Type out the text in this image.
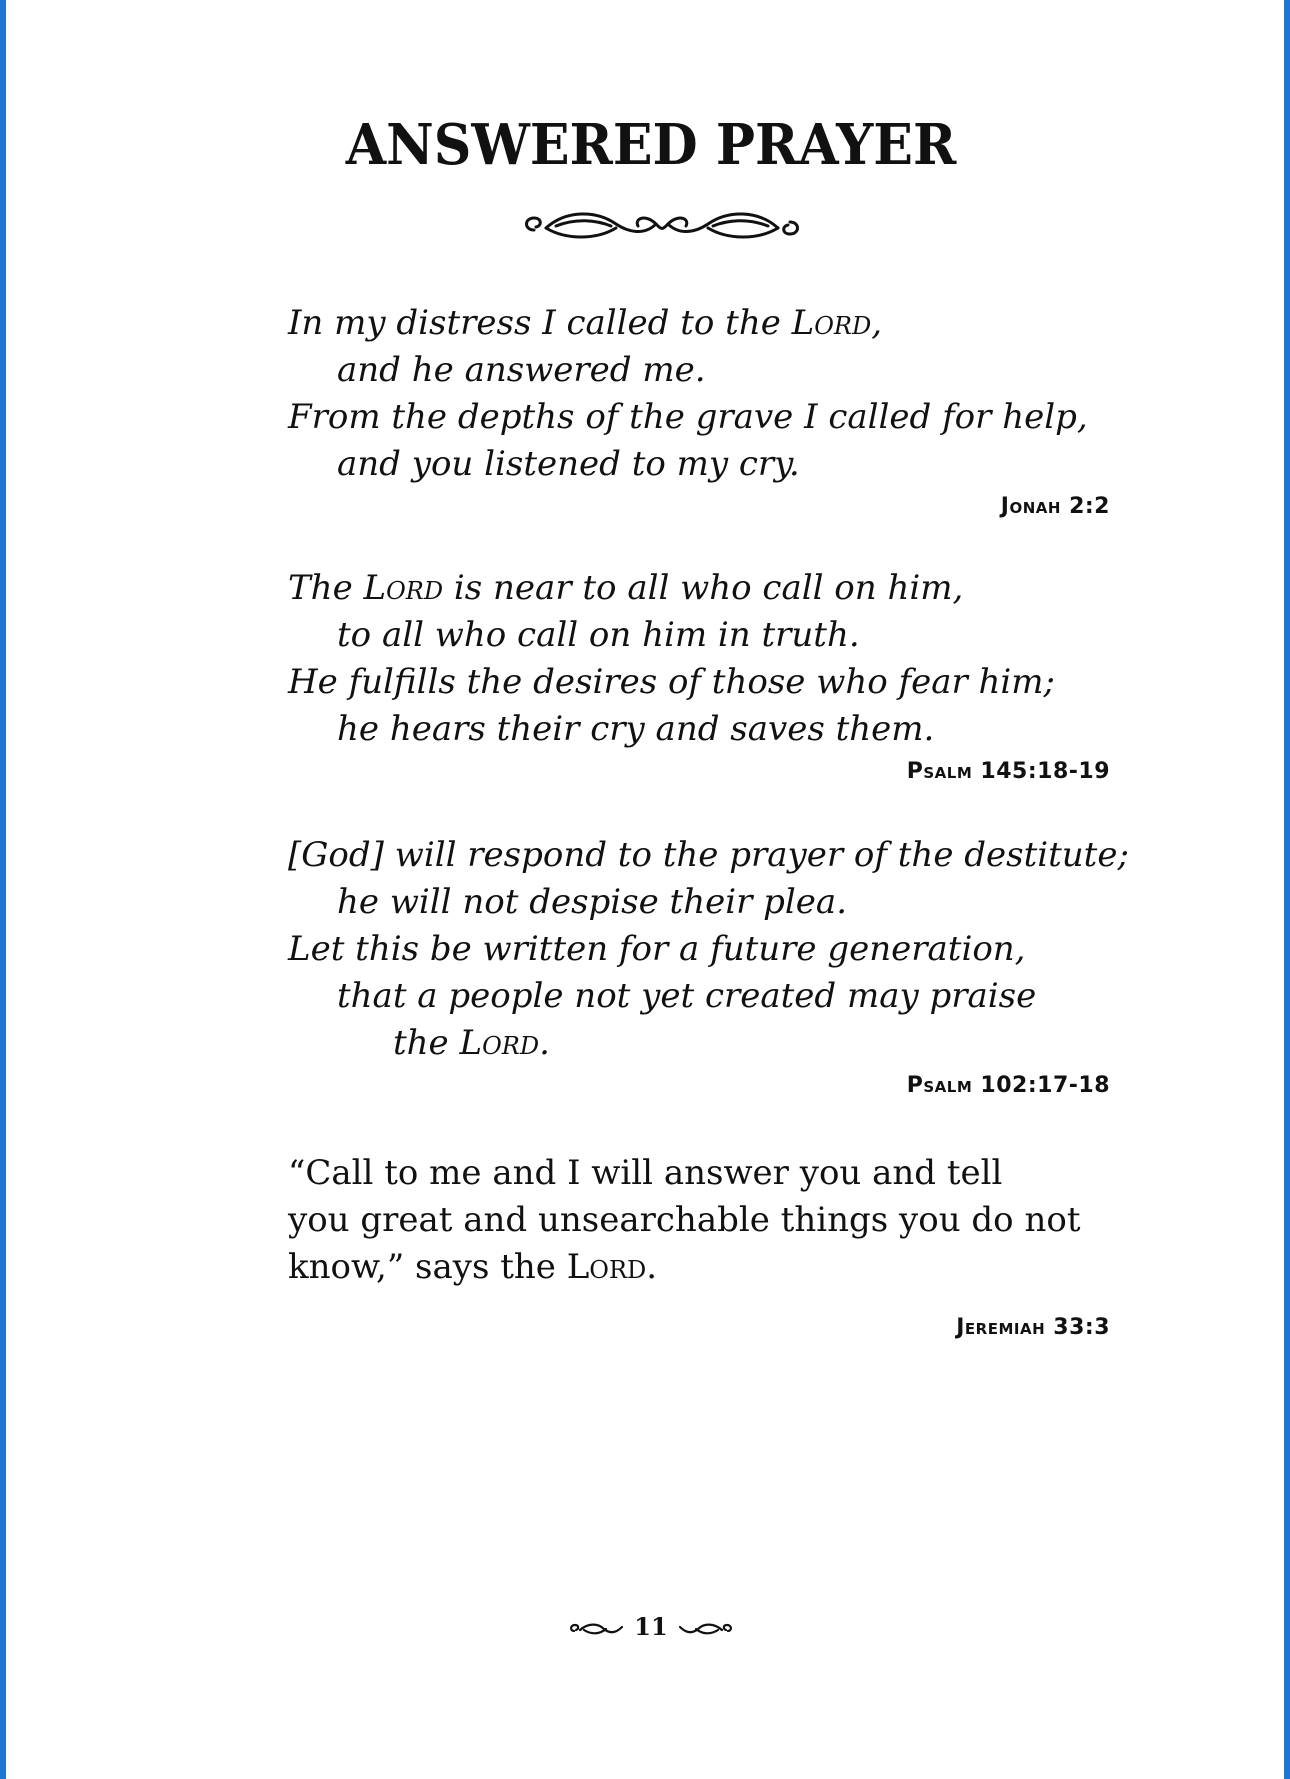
ANSWERED PRAYER
In my distress I called to the Lord,
and he answered me.
From the depths of the grave I called for help,
and you listened to my cry.
Jonah 2:2
The Lord is near to all who call on him,
to all who call on him in truth.
He fulfills the desires of those who fear him;
he hears their cry and saves them.
Psalm 145:18-19
[God] will respond to the prayer of the destitute;
he will not despise their plea.
Let this be written for a future generation,
that a people not yet created may praise
the Lord.
Psalm 102:17-18
“Call to me and I will answer you and tell
you great and unsearchable things you do not
know,” says the Lord.
Jeremiah 33:3
11
